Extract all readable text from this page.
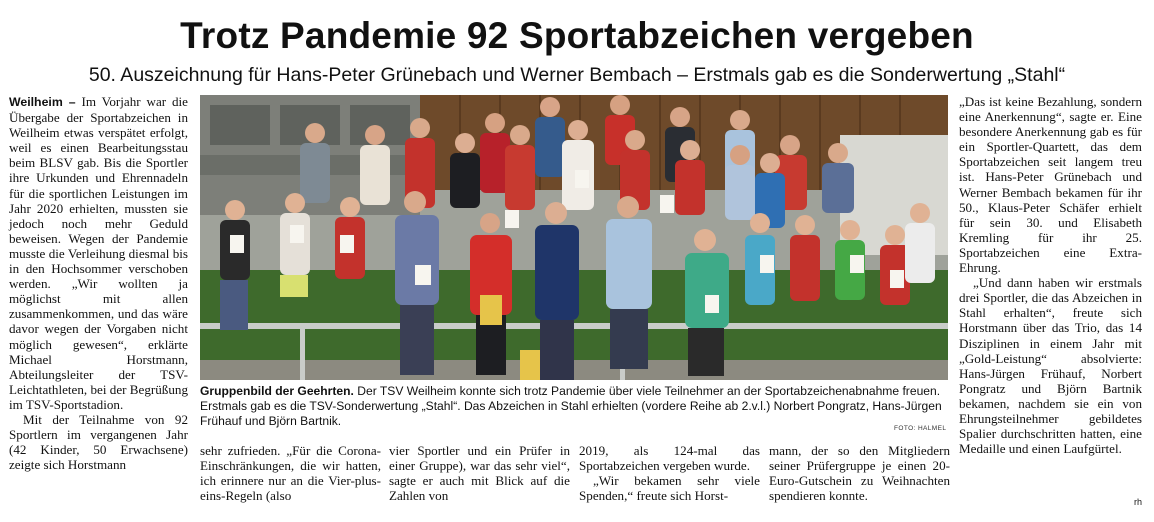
Trotz Pandemie 92 Sportabzeichen vergeben
50. Auszeichnung für Hans-Peter Grünebach und Werner Bembach – Erstmals gab es die Sonderwertung „Stahl“

Weilheim – Im Vorjahr war die Übergabe der Sportabzeichen in Weilheim etwas verspätet erfolgt, weil es einen Bearbeitungsstau beim BLSV gab. Bis die Sportler ihre Urkunden und Ehrennadeln für die sportlichen Leistungen im Jahr 2020 erhielten, mussten sie jedoch noch mehr Geduld beweisen. Wegen der Pandemie musste die Verleihung diesmal bis in den Hochsommer verschoben werden. „Wir wollten ja möglichst mit allen zusammenkommen, und das wäre davor wegen der Vorgaben nicht möglich gewesen“, erklärte Michael Horstmann, Abteilungsleiter der TSV-Leichtathleten, bei der Begrüßung im TSV-Sportstadion.

Mit der Teilnahme von 92 Sportlern im vergangenen Jahr (42 Kinder, 50 Erwachsene) zeigte sich Horstmann

Gruppenbild der Geehrten. Der TSV Weilheim konnte sich trotz Pandemie über viele Teilnehmer an der Sportabzeichenabnahme freuen. Erstmals gab es die TSV-Sonderwertung „Stahl“. Das Abzeichen in Stahl erhielten (vordere Reihe ab 2.v.l.) Norbert Pongratz, Hans-Jürgen Frühauf und Björn Bartnik.
FOTO: HALMEL

sehr zufrieden. „Für die Corona-Einschränkungen, die wir hatten, ich erinnere nur an die Vier-plus-eins-Regeln (also

vier Sportler und ein Prüfer in einer Gruppe), war das sehr viel“, sagte er auch mit Blick auf die Zahlen von

2019, als 124-mal das Sportabzeichen vergeben wurde.

„Wir bekamen sehr viele Spenden,“ freute sich Horst-

mann, der so den Mitgliedern seiner Prüfergruppe je einen 20-Euro-Gutschein zu Weihnachten spendieren konnte.

„Das ist keine Bezahlung, sondern eine Anerkennung“, sagte er. Eine besondere Anerkennung gab es für ein Sportler-Quartett, das dem Sportabzeichen seit langem treu ist. Hans-Peter Grünebach und Werner Bembach bekamen für ihr 50., Klaus-Peter Schäfer erhielt für sein 30. und Elisabeth Kremling für ihr 25. Sportabzeichen eine Extra-Ehrung.

„Und dann haben wir erstmals drei Sportler, die das Abzeichen in Stahl erhalten“, freute sich Horstmann über das Trio, das 14 Disziplinen in einem Jahr mit „Gold-Leistung“ absolvierte: Hans-Jürgen Frühauf, Norbert Pongratz und Björn Bartnik bekamen, nachdem sie ein von Ehrungsteilnehmer gebildetes Spalier durchschritten hatten, eine Medaille und einen Laufgürtel.

rh
